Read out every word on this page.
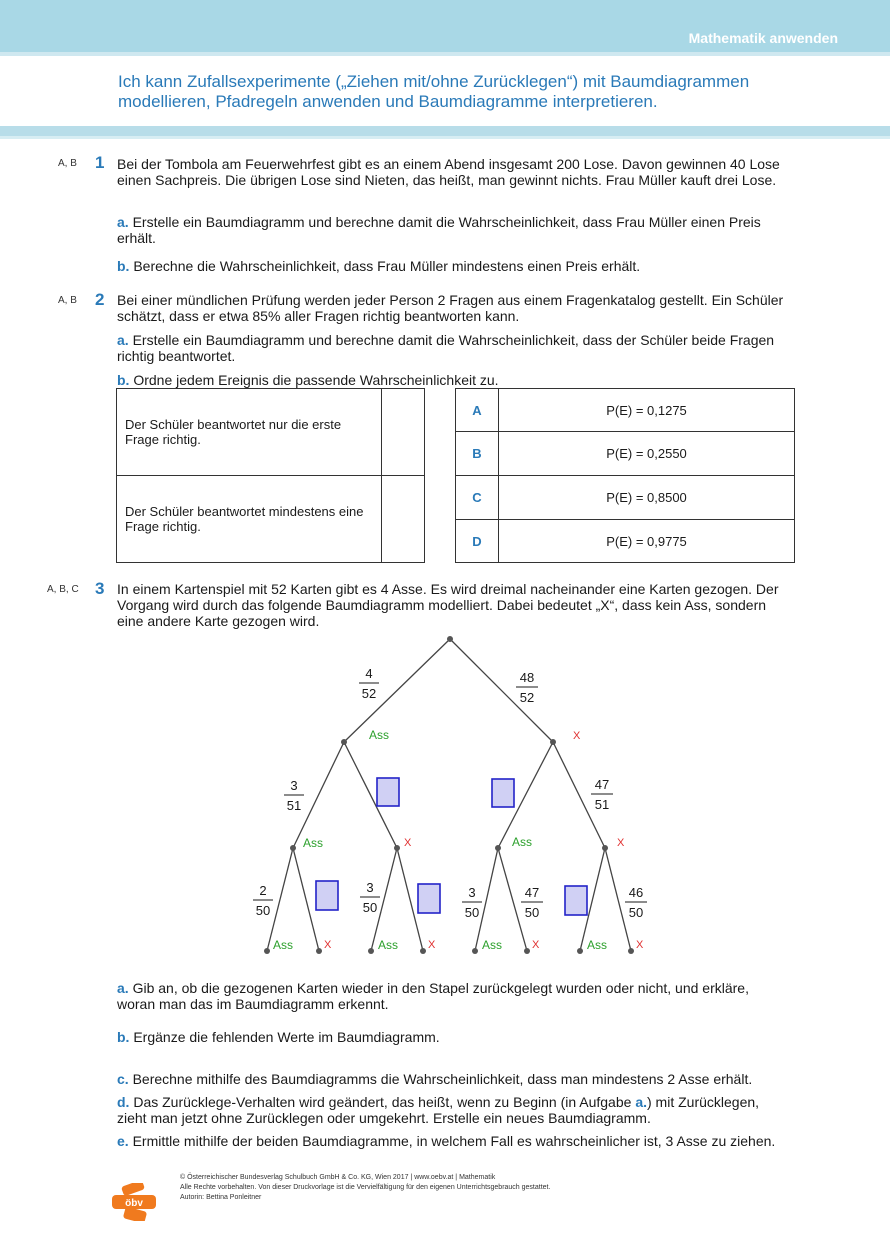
Mathematik anwenden
Ich kann Zufallsexperimente („Ziehen mit/ohne Zurücklegen“) mit Baumdiagrammen modellieren, Pfadregeln anwenden und Baumdiagramme interpretieren.
A, B 1 Bei der Tombola am Feuerwehrfest gibt es an einem Abend insgesamt 200 Lose. Davon gewinnen 40 Lose einen Sachpreis. Die übrigen Lose sind Nieten, das heißt, man gewinnt nichts. Frau Müller kauft drei Lose.
a. Erstelle ein Baumdiagramm und berechne damit die Wahrscheinlichkeit, dass Frau Müller einen Preis erhält.
b. Berechne die Wahrscheinlichkeit, dass Frau Müller mindestens einen Preis erhält.
A, B 2 Bei einer mündlichen Prüfung werden jeder Person 2 Fragen aus einem Fragenkatalog gestellt. Ein Schüler schätzt, dass er etwa 85% aller Fragen richtig beantworten kann.
a. Erstelle ein Baumdiagramm und berechne damit die Wahrscheinlichkeit, dass der Schüler beide Fragen richtig beantwortet.
b. Ordne jedem Ereignis die passende Wahrscheinlichkeit zu.
Der Schüler beantwortet nur die erste Frage richtig.	

Der Schüler beantwortet mindestens eine Frage richtig.	

A	P(E) = 0,1275
B	P(E) = 0,2550
C	P(E) = 0,8500
D	P(E) = 0,9775
A, B, C 3 In einem Kartenspiel mit 52 Karten gibt es 4 Asse. Es wird dreimal nacheinander eine Karten gezogen. Der Vorgang wird durch das folgende Baumdiagramm modelliert. Dabei bedeutet „X“, dass kein Ass, sondern eine andere Karte gezogen wird.
Ass
Ass	Ass
Ass	Ass	Ass	Ass
X
X	X
X	X	X	X
4
52
48
52
3
51
47
51
2
50
3
50
3
50
47
50
46
50
a. Gib an, ob die gezogenen Karten wieder in den Stapel zurückgelegt wurden oder nicht, und erkläre, woran man das im Baumdiagramm erkennt.
b. Ergänze die fehlenden Werte im Baumdiagramm.
c. Berechne mithilfe des Baumdiagramms die Wahrscheinlichkeit, dass man mindestens 2 Asse erhält.
d. Das Zurücklege-Verhalten wird geändert, das heißt, wenn zu Beginn (in Aufgabe a.) mit Zurücklegen, zieht man jetzt ohne Zurücklegen oder umgekehrt. Erstelle ein neues Baumdiagramm.
e. Ermittle mithilfe der beiden Baumdiagramme, in welchem Fall es wahrscheinlicher ist, 3 Asse zu ziehen.
öbv
© Österreichischer Bundesverlag Schulbuch GmbH & Co. KG, Wien 2017 | www.oebv.at | Mathematik
Alle Rechte vorbehalten. Von dieser Druckvorlage ist die Vervielfältigung für den eigenen Unterrichtsgebrauch gestattet.
Autorin: Bettina Ponleitner
